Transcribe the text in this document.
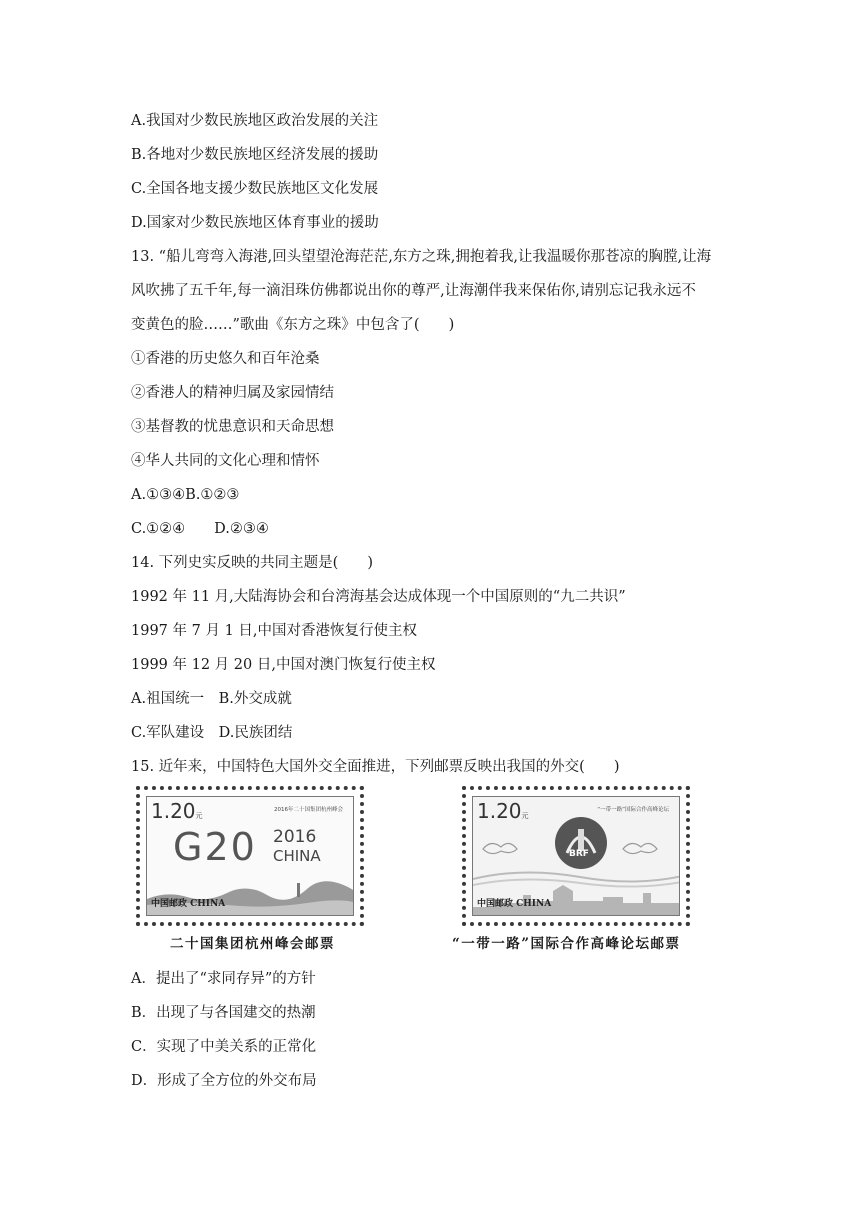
A.我国对少数民族地区政治发展的关注
B.各地对少数民族地区经济发展的援助
C.全国各地支援少数民族地区文化发展
D.国家对少数民族地区体育事业的援助
13. “船儿弯弯入海港,回头望望沧海茫茫,东方之珠,拥抱着我,让我温暖你那苍凉的胸膛,让海
风吹拂了五千年,每一滴泪珠仿佛都说出你的尊严,让海潮伴我来保佑你,请别忘记我永远不
变黄色的脸……”歌曲《东方之珠》中包含了(　　)
①香港的历史悠久和百年沧桑
②香港人的精神归属及家园情结
③基督教的忧患意识和天命思想
④华人共同的文化心理和情怀
A.①③④B.①②③
C.①②④　　D.②③④
14. 下列史实反映的共同主题是(　　)
1992 年 11 月,大陆海协会和台湾海基会达成体现一个中国原则的“九二共识”
1997 年 7 月 1 日,中国对香港恢复行使主权
1999 年 12 月 20 日,中国对澳门恢复行使主权
A.祖国统一　B.外交成就
C.军队建设　D.民族团结
15. 近年来，中国特色大国外交全面推进，下列邮票反映出我国的外交(　　)
1.20元
2016年二十国集团杭州峰会
G20 2016
CHINA
中国邮政 CHINA
二十国集团杭州峰会邮票
1.20元
“一带一路”国际合作高峰论坛
BRF
中国邮政 CHINA
“一带一路”国际合作高峰论坛邮票
A．提出了“求同存异”的方针
B．出现了与各国建交的热潮
C．实现了中美关系的正常化
D．形成了全方位的外交布局
